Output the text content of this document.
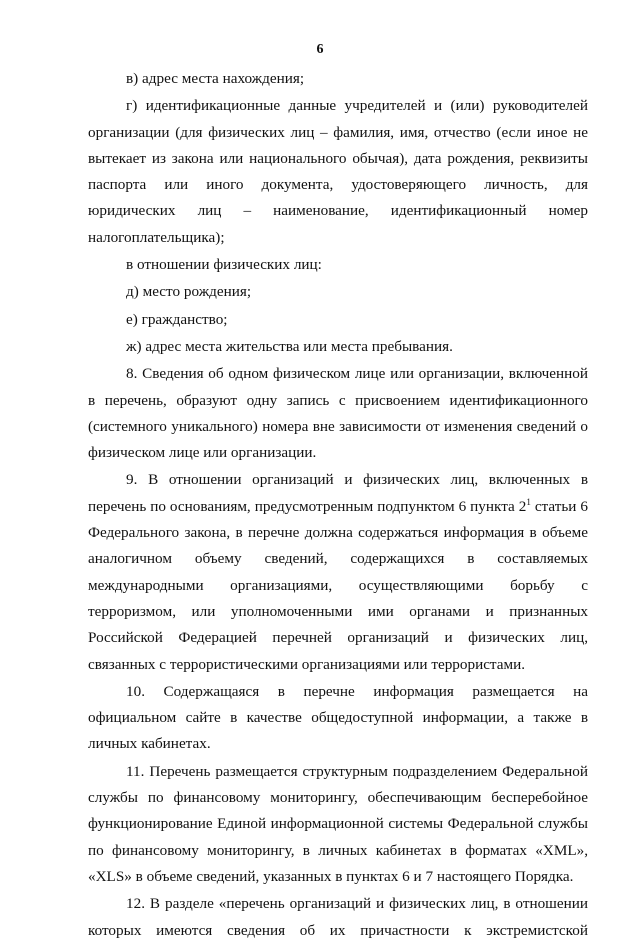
6

в) адрес места нахождения;

г) идентификационные данные учредителей и (или) руководителей организации (для физических лиц – фамилия, имя, отчество (если иное не вытекает из закона или национального обычая), дата рождения, реквизиты паспорта или иного документа, удостоверяющего личность, для юридических лиц – наименование, идентификационный номер налогоплательщика);

в отношении физических лиц:

д) место рождения;

е) гражданство;

ж) адрес места жительства или места пребывания.

8. Сведения об одном физическом лице или организации, включенной в перечень, образуют одну запись с присвоением идентификационного (системного уникального) номера вне зависимости от изменения сведений о физическом лице или организации.

9. В отношении организаций и физических лиц, включенных в перечень по основаниям, предусмотренным подпунктом 6 пункта $2^1$ статьи 6 Федерального закона, в перечне должна содержаться информация в объеме аналогичном объему сведений, содержащихся в составляемых международными организациями, осуществляющими борьбу с терроризмом, или уполномоченными ими органами и признанных Российской Федерацией перечней организаций и физических лиц, связанных с террористическими организациями или террористами.

10. Содержащаяся в перечне информация размещается на официальном сайте в качестве общедоступной информации, а также в личных кабинетах.

11. Перечень размещается структурным подразделением Федеральной службы по финансовому мониторингу, обеспечивающим бесперебойное функционирование Единой информационной системы Федеральной службы по финансовому мониторингу, в личных кабинетах в форматах «XML», «XLS» в объеме сведений, указанных в пунктах 6 и 7 настоящего Порядка.

12. В разделе «перечень организаций и физических лиц, в отношении которых имеются сведения об их причастности к экстремистской
